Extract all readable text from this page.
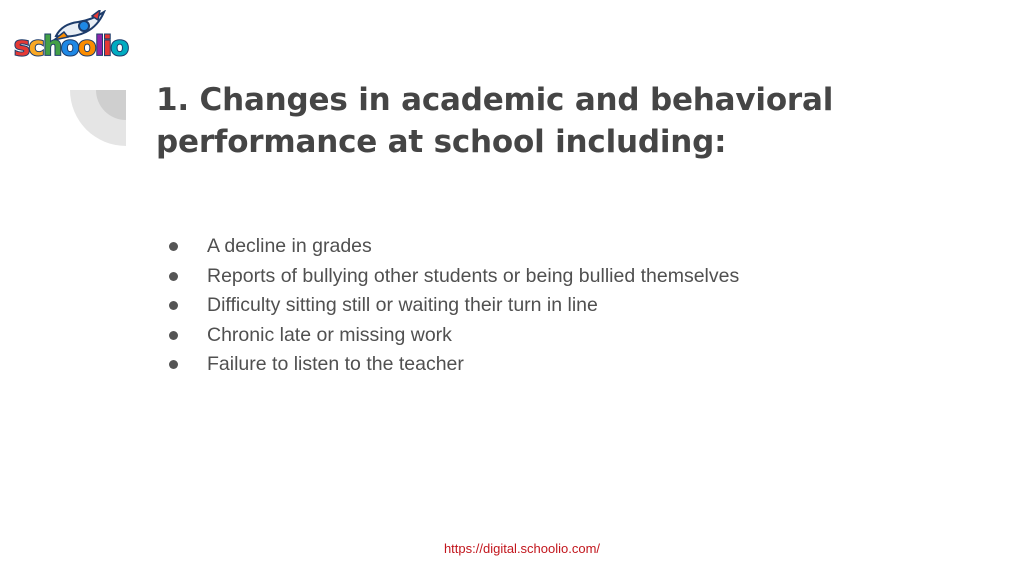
s c h o o l i o
1. Changes in academic and behavioral performance at school including:
A decline in grades
Reports of bullying other students or being bullied themselves
Difficulty sitting still or waiting their turn in line
Chronic late or missing work
Failure to listen to the teacher
https://digital.schoolio.com/
